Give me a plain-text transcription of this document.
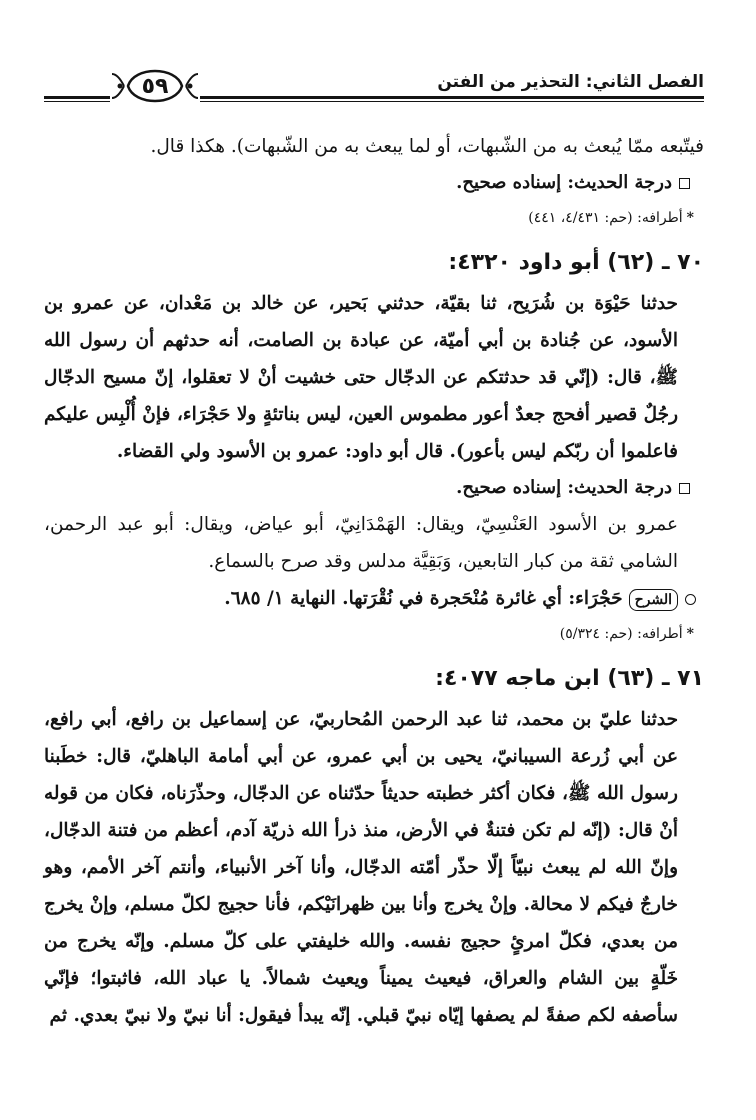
الفصل الثاني: التحذير من الفتن
٥٩

فيتّبعه ممّا يُبعث به من الشّبهات، أو لما يبعث به من الشّبهات). هكذا قال.

درجة الحديث: إسناده صحيح.

*أطرافه: (حم: ٤/٤٣١، ٤٤١)

٧٠ ـ (٦٢) أبو داود ٤٣٢٠:

حدثنا حَيْوَة بن شُرَيح، ثنا بقيّة، حدثني بَحير، عن خالد بن مَعْدان، عن عمرو بن الأسود، عن جُنادة بن أبي أميّة، عن عبادة بن الصامت، أنه حدثهم أن رسول الله ﷺ، قال: (إنّي قد حدثتكم عن الدجّال حتى خشيت أنْ لا تعقلوا، إنّ مسيح الدجّال رجُلٌ قصير أفحج جعدٌ أعور مطموس العين، ليس بناتئةٍ ولا حَجْرَاء، فإنْ أُلْبِس عليكم فاعلموا أن ربّكم ليس بأعور). قال أبو داود: عمرو بن الأسود ولي القضاء.

درجة الحديث: إسناده صحيح.

عمرو بن الأسود العَنْسِيّ، ويقال: الهَمْدَانِيّ، أبو عياض، ويقال: أبو عبد الرحمن، الشامي ثقة من كبار التابعين، وَبَقِيَّة مدلس وقد صرح بالسماع.

الشرححَجْرَاء: أي غائرة مُنْحَجرة في نُقْرَتها. النهاية ١/ ٦٨٥.

*أطرافه: (حم: ٥/٣٢٤)

٧١ ـ (٦٣) ابن ماجه ٤٠٧٧:

حدثنا عليّ بن محمد، ثنا عبد الرحمن المُحاربيّ، عن إسماعيل بن رافع، أبي رافع، عن أبي زُرعة السيبانيّ، يحيى بن أبي عمرو، عن أبي أمامة الباهليّ، قال: خطَبنا رسول الله ﷺ، فكان أكثر خطبته حديثاً حدّثناه عن الدجّال، وحذّرَناه، فكان من قوله أنْ قال: (إنّه لم تكن فتنةٌ في الأرض، منذ ذرأ الله ذريّة آدم، أعظم من فتنة الدجّال، وإنّ الله لم يبعث نبيّاً إلّا حذّر أمّته الدجّال، وأنا آخر الأنبياء، وأنتم آخر الأمم، وهو خارجٌ فيكم لا محالة. وإنْ يخرج وأنا بين ظهرانَيْكم، فأنا حجيج لكلّ مسلم، وإنْ يخرج من بعدي، فكلّ امرئٍ حجيج نفسه. والله خليفتي على كلّ مسلم. وإنّه يخرج من خَلّةٍ بين الشام والعراق، فيعيث يميناً ويعيث شمالاً. يا عباد الله، فاثبتوا؛ فإنّي سأصفه لكم صفةً لم يصفها إيّاه نبيّ قبلي. إنّه يبدأ فيقول: أنا نبيّ ولا نبيّ بعدي. ثم
